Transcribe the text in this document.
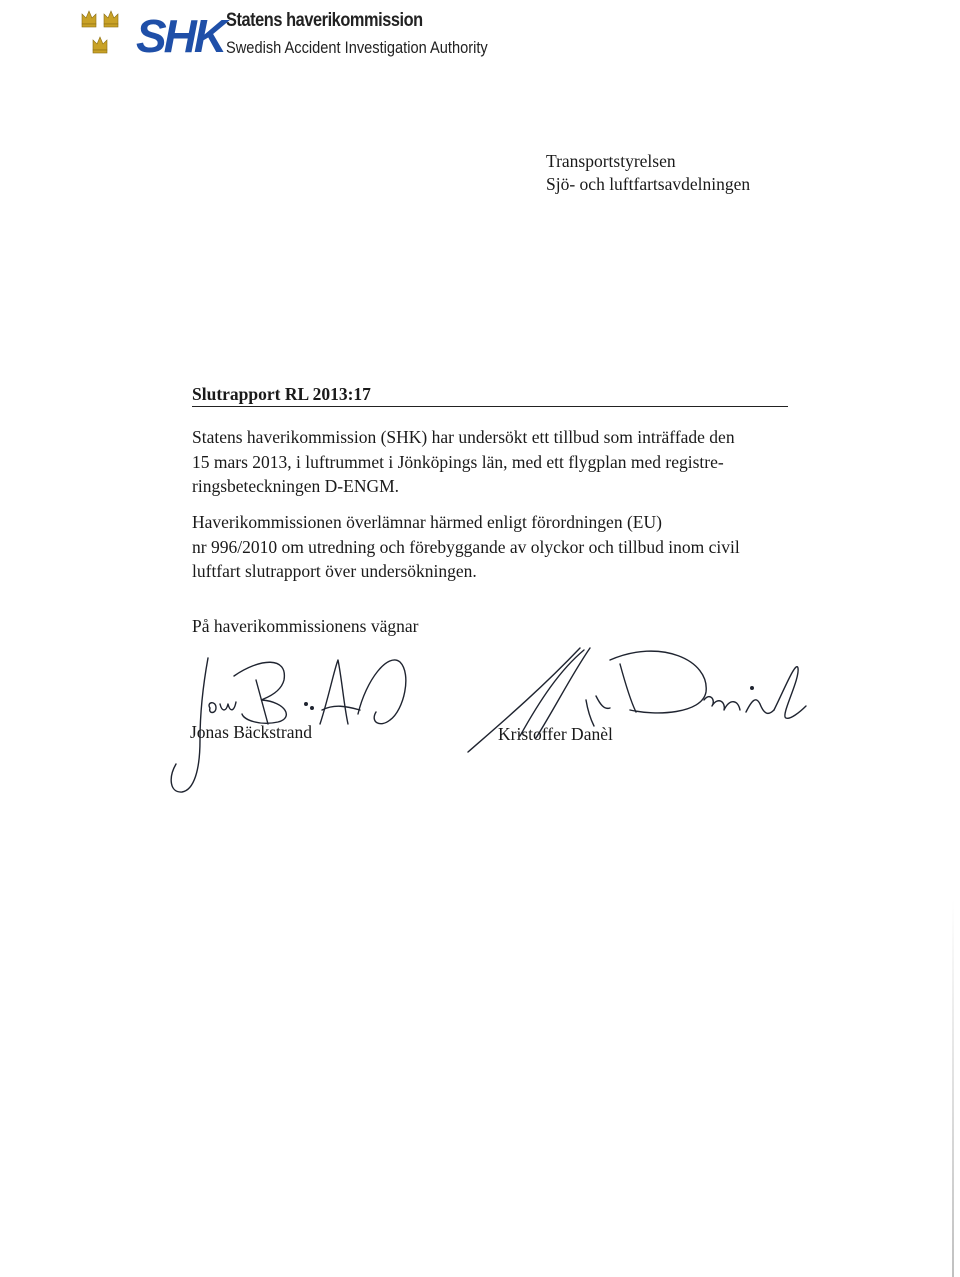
SHK Statens haverikommission
Swedish Accident Investigation Authority
Transportstyrelsen
Sjö- och luftfartsavdelningen
Slutrapport RL 2013:17
Statens haverikommission (SHK) har undersökt ett tillbud som inträffade den
15 mars 2013, i luftrummet i Jönköpings län, med ett flygplan med registre-
ringsbeteckningen D-ENGM.
Haverikommissionen överlämnar härmed enligt förordningen (EU)
nr 996/2010 om utredning och förebyggande av olyckor och tillbud inom civil
luftfart slutrapport över undersökningen.
På haverikommissionens vägnar
Jonas Bäckstrand	Kristoffer Danèl
